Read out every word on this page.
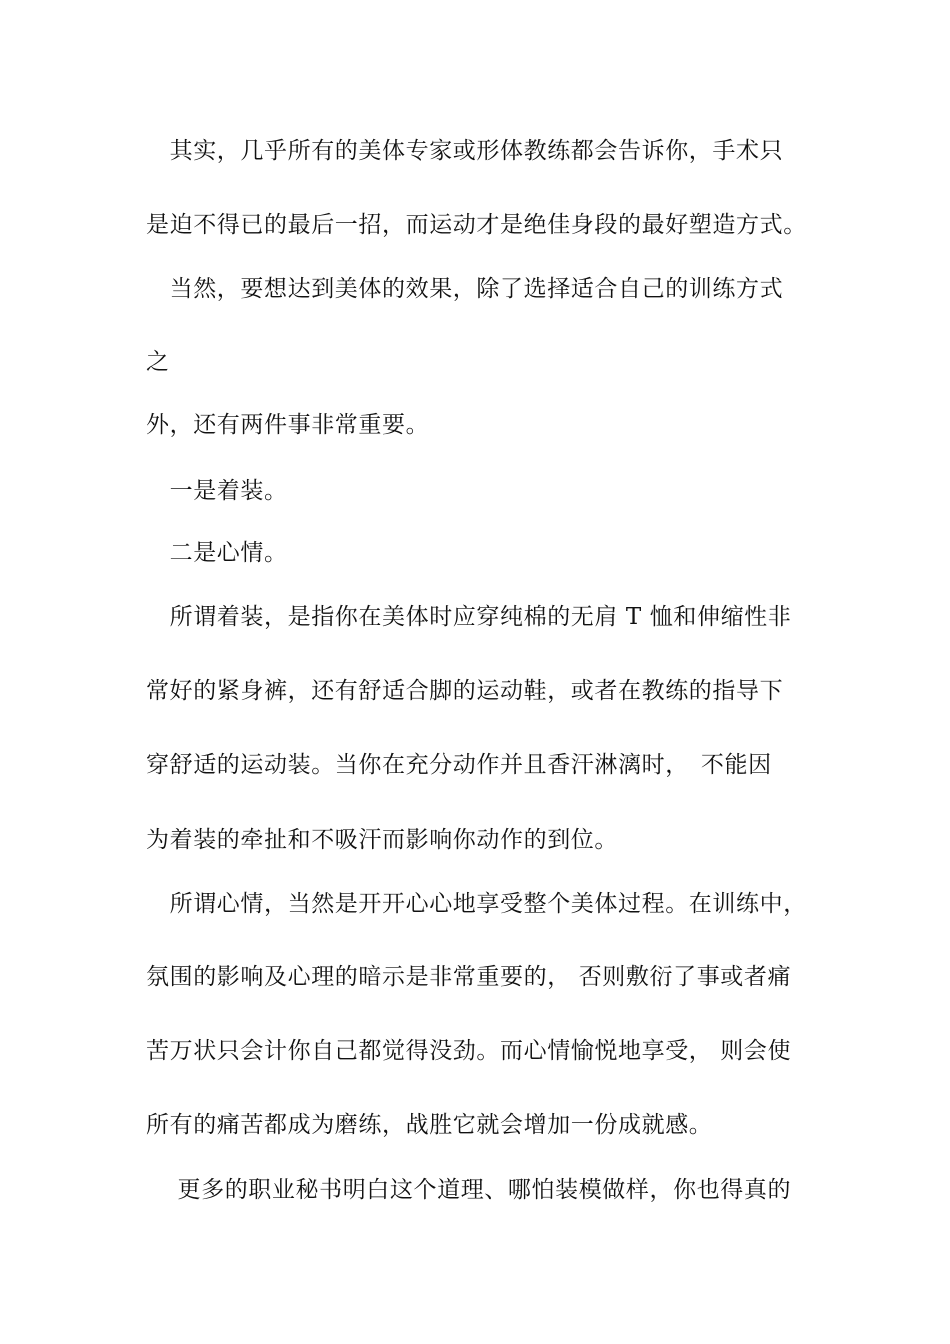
　其实，几乎所有的美体专家或形体教练都会告诉你，手术只
是迫不得已的最后一招，而运动才是绝佳身段的最好塑造方式。
　当然，要想达到美体的效果，除了选择适合自己的训练方式
之
外，还有两件事非常重要。
　一是着装。
　二是心情。
　所谓着装，是指你在美体时应穿纯棉的无肩 T 恤和伸缩性非
常好的紧身裤，还有舒适合脚的运动鞋，或者在教练的指导下
穿舒适的运动装。当你在充分动作并且香汗淋漓时，　不能因
为着装的牵扯和不吸汗而影响你动作的到位。
　所谓心情，当然是开开心心地享受整个美体过程。在训练中，
氛围的影响及心理的暗示是非常重要的， 否则敷衍了事或者痛
苦万状只会计你自己都觉得没劲。而心情愉悦地享受， 则会使
所有的痛苦都成为磨练，战胜它就会增加一份成就感。
　 更多的职业秘书明白这个道理、哪怕装模做样，你也得真的
